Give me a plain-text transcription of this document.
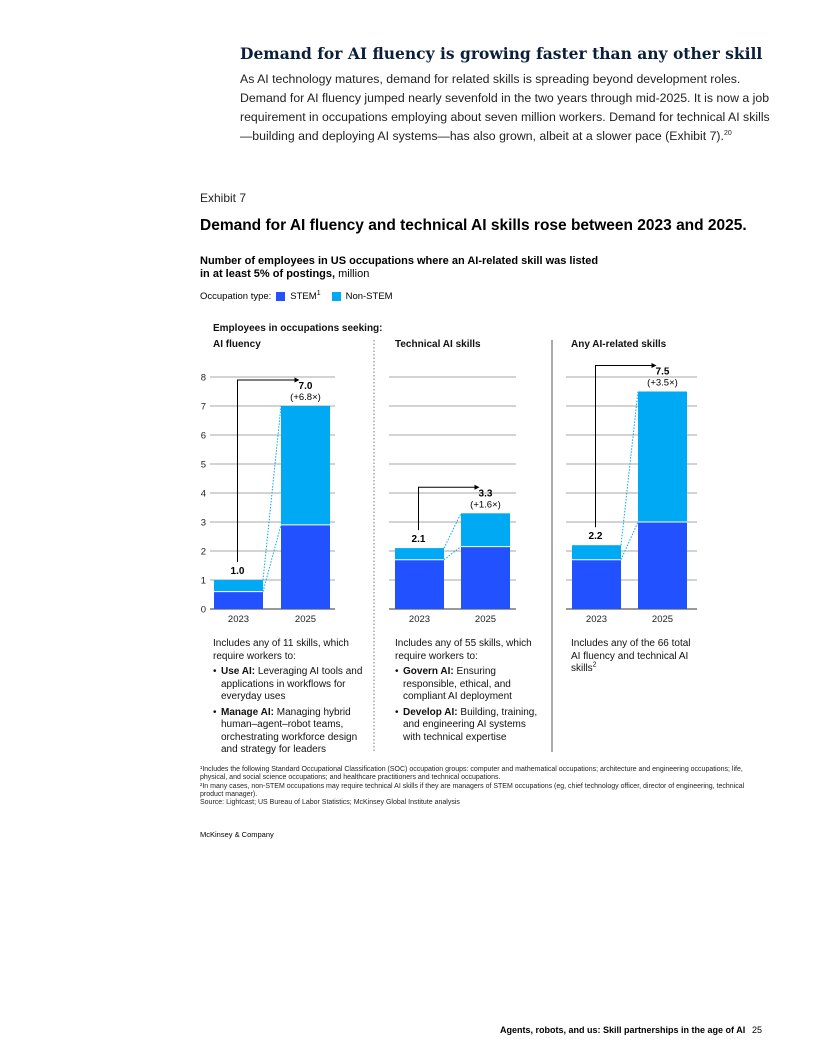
Demand for AI fluency is growing faster than any other skill

As AI technology matures, demand for related skills is spreading beyond development roles.

Demand for AI fluency jumped nearly sevenfold in the two years through mid-2025. It is now a job requirement in occupations employing about seven million workers. Demand for technical AI skills—building and deploying AI systems—has also grown, albeit at a slower pace (Exhibit 7).$^{20}$

Exhibit 7
Demand for AI fluency and technical AI skills rose between 2023 and 2025.
Number of employees in US occupations where an AI-related skill was listed in at least 5% of postings, million
Occupation type: STEM$^1$	Non-STEM
Employees in occupations seeking:
AI fluency	Technical AI skills	Any AI-related skills
0
1
2
3
4
5
6
7
8
2023	2025
1.0
7.0
(+6.8×)
2023	2025
2.1
3.3
(+1.6×)
2023	2025
2.2
7.5
(+3.5×)

Includes any of 11 skills, which require workers to:

• Use AI: Leveraging AI tools and applications in workflows for everyday uses
• Manage AI: Managing hybrid human–agent–robot teams, orchestrating workforce design and strategy for leaders

Includes any of 55 skills, which require workers to:

• Govern AI: Ensuring responsible, ethical, and compliant AI deployment
• Develop AI: Building, training, and engineering AI systems with technical expertise

Includes any of the 66 total AI fluency and technical AI skills$^2$

¹Includes the following Standard Occupational Classification (SOC) occupation groups: computer and mathematical occupations; architecture and engineering occupations; life, physical, and social science occupations; and healthcare practitioners and technical occupations.

²In many cases, non-STEM occupations may require technical AI skills if they are managers of STEM occupations (eg, chief technology officer, director of engineering, technical product manager).

Source: Lightcast; US Bureau of Labor Statistics; McKinsey Global Institute analysis

McKinsey & Company
Agents, robots, and us: Skill partnerships in the age of AI 25
